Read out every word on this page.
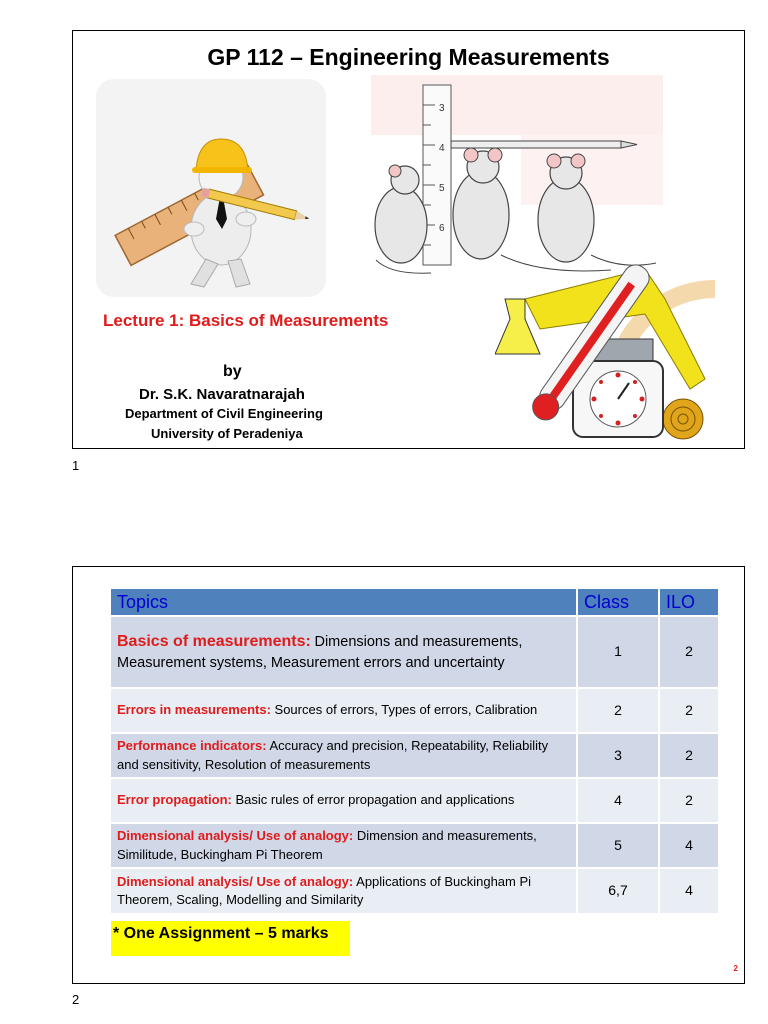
GP 112 – Engineering Measurements
3
4
5
6
Lecture 1: Basics of Measurements
by
Dr. S.K. Navaratnarajah
Department of Civil Engineering
University of Peradeniya
1
Topics	Class	ILO
Basics of measurements: Dimensions and measurements, Measurement systems, Measurement errors and uncertainty	1	2
Errors in measurements: Sources of errors, Types of errors, Calibration	2	2
Performance indicators: Accuracy and precision, Repeatability, Reliability and sensitivity, Resolution of measurements	3	2
Error propagation: Basic rules of error propagation and applications	4	2
Dimensional analysis/ Use of analogy: Dimension and measurements, Similitude, Buckingham Pi Theorem	5	4
Dimensional analysis/ Use of analogy: Applications of Buckingham Pi Theorem, Scaling, Modelling and Similarity	6,7	4
* One Assignment – 5 marks
2
2
